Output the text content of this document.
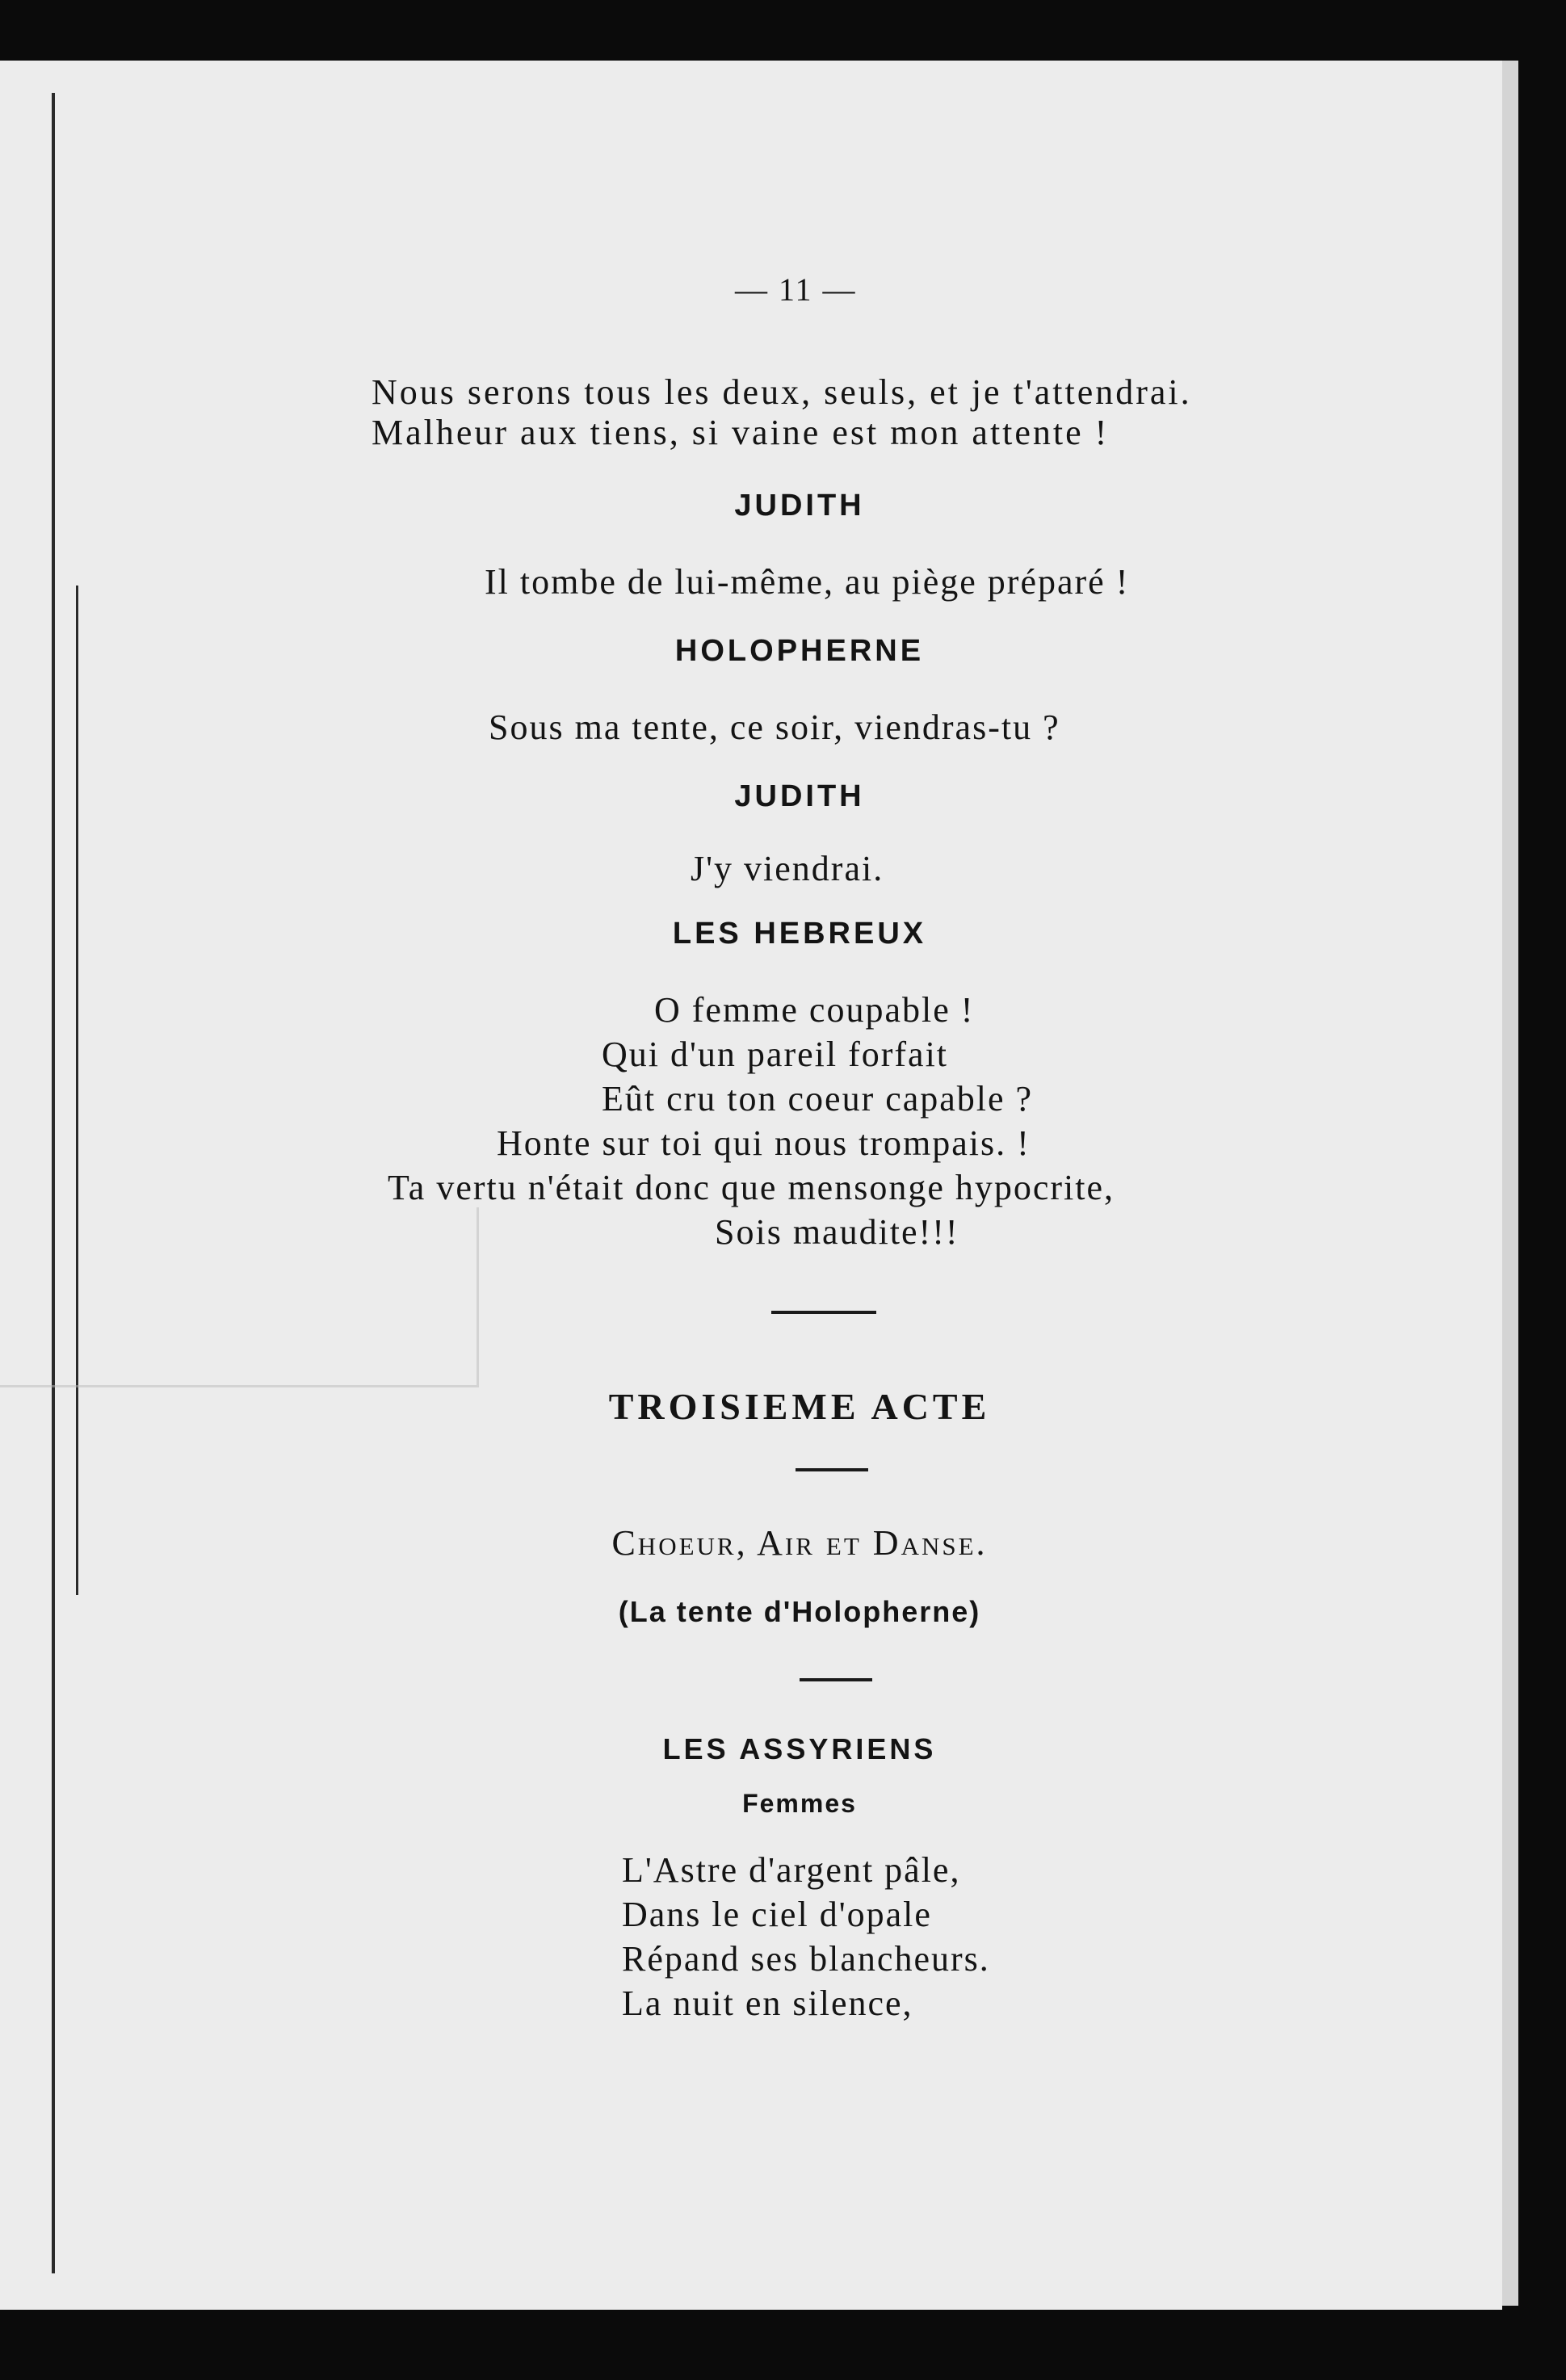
— 11 —
Nous serons tous les deux, seuls, et je t'attendrai.
Malheur aux tiens, si vaine est mon attente !
JUDITH
Il tombe de lui-même, au piège préparé !
HOLOPHERNE
Sous ma tente, ce soir, viendras-tu ?
JUDITH
J'y viendrai.
LES HEBREUX
O femme coupable !
Qui d'un pareil forfait
Eût cru ton coeur capable ?
Honte sur toi qui nous trompais. !
Ta vertu n'était donc que mensonge hypocrite,
Sois maudite!!!
TROISIEME ACTE
Choeur, Air et Danse.
(La tente d'Holopherne)
LES ASSYRIENS
Femmes
L'Astre d'argent pâle,
Dans le ciel d'opale
Répand ses blancheurs.
La nuit en silence,
